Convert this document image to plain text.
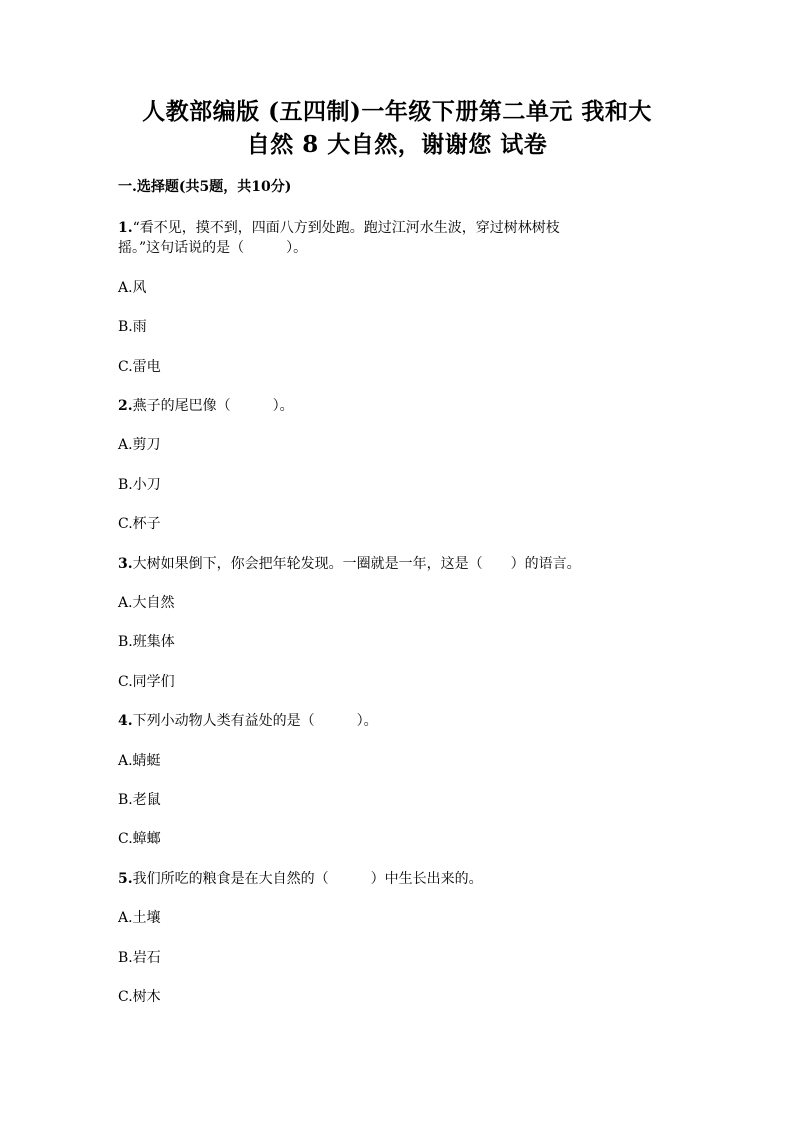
人教部编版 (五四制)一年级下册第二单元 我和大
自然 8 大自然，谢谢您 试卷
一.选择题(共5题，共10分)
1.“看不见，摸不到，四面八方到处跑。跑过江河水生波，穿过树林树枝
摇。”这句话说的是（　　　）。
A.风
B.雨
C.雷电
2.燕子的尾巴像（　　　）。
A.剪刀
B.小刀
C.杯子
3.大树如果倒下，你会把年轮发现。一圈就是一年，这是（　　）的语言。
A.大自然
B.班集体
C.同学们
4.下列小动物人类有益处的是（　　　）。
A.蜻蜓
B.老鼠
C.蟑螂
5.我们所吃的粮食是在大自然的（　　　）中生长出来的。
A.土壤
B.岩石
C.树木
